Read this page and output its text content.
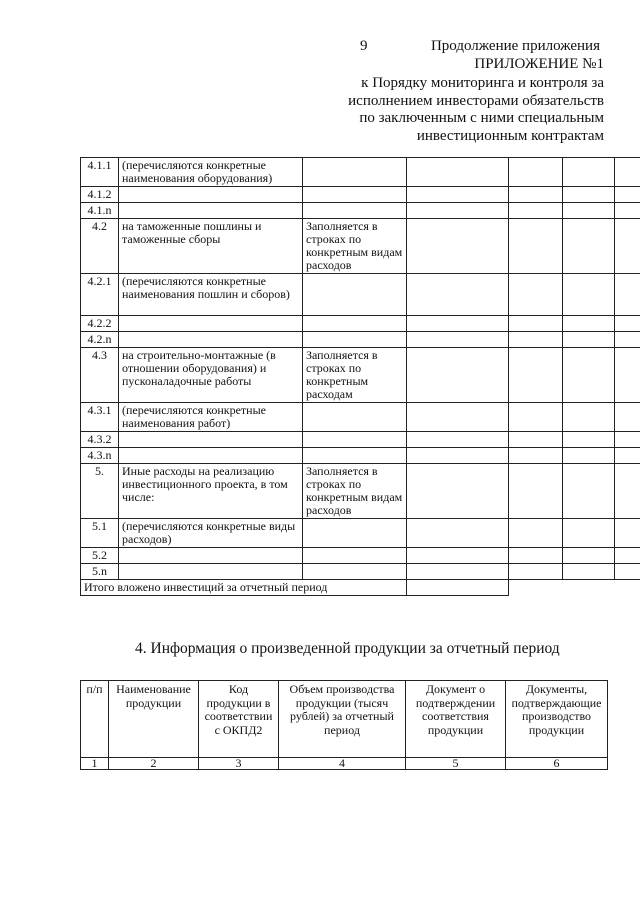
9	Продолжение приложения
ПРИЛОЖЕНИЕ №1
к Порядку мониторинга и контроля за
исполнением инвесторами обязательств
по заключенным с ними специальным
инвестиционным контрактам
4.1.1	(перечисляются конкретные наименования оборудования)					
4.1.2						
4.1.n						
4.2	на таможенные пошлины и таможенные сборы	Заполняется в строках по конкретным видам расходов				
4.2.1	(перечисляются конкретные наименования пошлин и сборов)					
4.2.2						
4.2.n						
4.3	на строительно-монтажные (в отношении оборудования) и пусконаладочные работы	Заполняется в строках по конкретным расходам				
4.3.1	(перечисляются конкретные наименования работ)					
4.3.2						
4.3.n						
5.	Иные расходы на реализацию инвестиционного проекта, в том числе:	Заполняется в строках по конкретным видам расходов				
5.1	(перечисляются конкретные виды расходов)					
5.2						
5.n						
Итого вложено инвестиций за отчетный период						
4. Информация о произведенной продукции за отчетный период
п/п	Наименование продукции	Код продукции в соответствии с ОКПД2	Объем производства продукции (тысяч рублей) за отчетный период	Документ о подтверждении соответствия продукции	Документы, подтверждающие производство продукции
1	2	3	4	5	6
